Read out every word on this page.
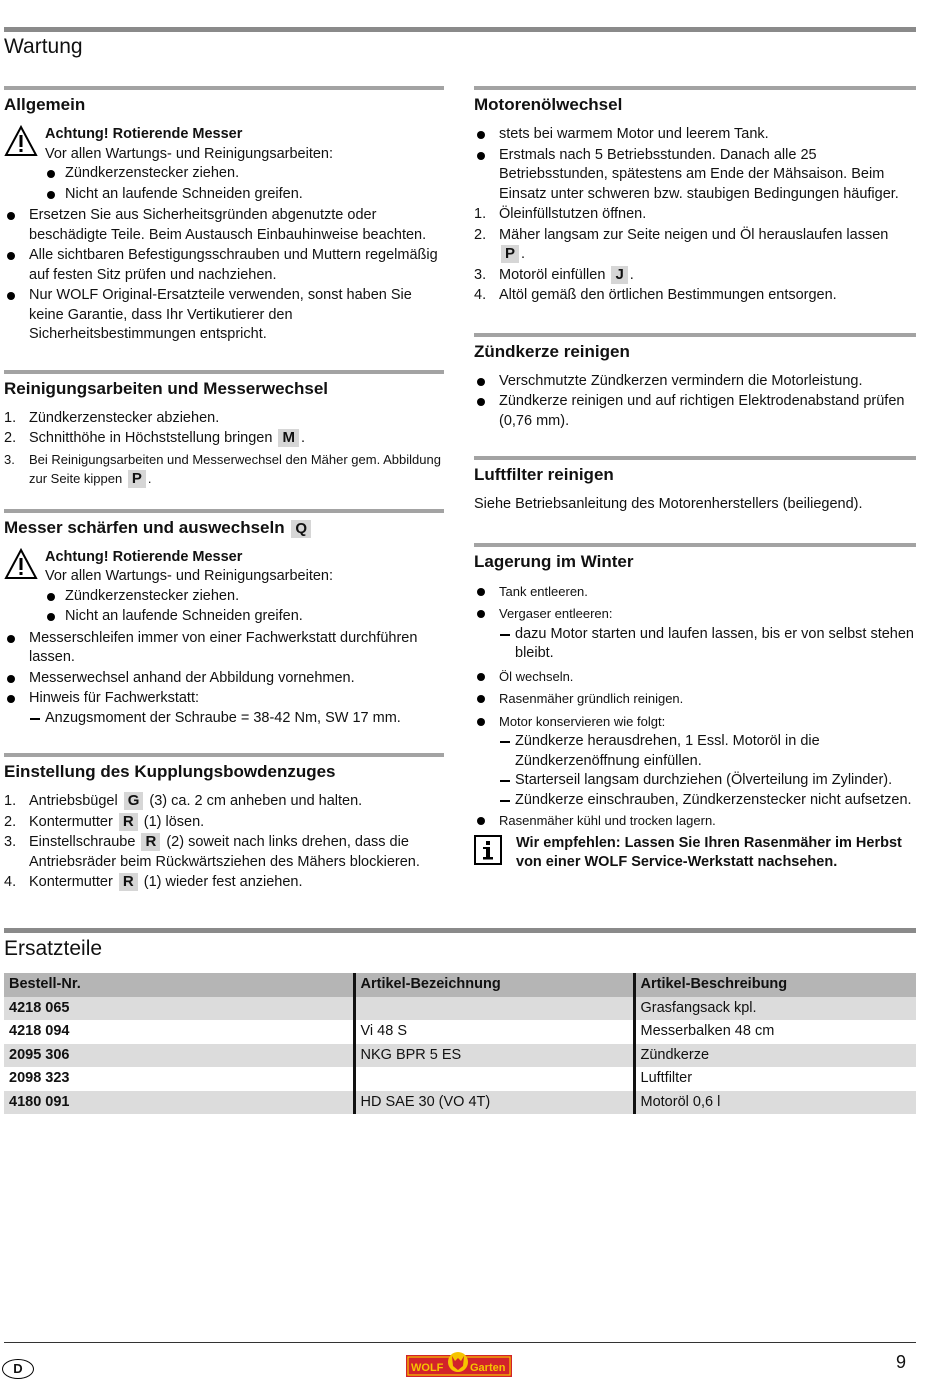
Wartung
Allgemein
Achtung! Rotierende Messer
Vor allen Wartungs- und Reinigungsarbeiten:
Zündkerzenstecker ziehen.
Nicht an laufende Schneiden greifen.
Ersetzen Sie aus Sicherheitsgründen abgenutzte oder beschädigte Teile. Beim Austausch Einbauhinweise beachten.
Alle sichtbaren Befestigungsschrauben und Muttern regelmäßig auf festen Sitz prüfen und nachziehen.
Nur WOLF Original-Ersatzteile verwenden, sonst haben Sie keine Garantie, dass Ihr Vertikutierer den Sicherheitsbestimmungen entspricht.
Reinigungsarbeiten und Messerwechsel
1. Zündkerzenstecker abziehen.
2. Schnitthöhe in Höchststellung bringen M .
3. Bei Reinigungsarbeiten und Messerwechsel den Mäher gem. Abbildung zur Seite kippen P .
Messer schärfen und auswechseln Q
Achtung! Rotierende Messer
Vor allen Wartungs- und Reinigungsarbeiten:
Zündkerzenstecker ziehen.
Nicht an laufende Schneiden greifen.
Messerschleifen immer von einer Fachwerkstatt durchführen lassen.
Messerwechsel anhand der Abbildung vornehmen.
Hinweis für Fachwerkstatt:
Anzugsmoment der Schraube = 38-42 Nm, SW 17 mm.
Einstellung des Kupplungsbowdenzuges
1. Antriebsbügel G (3) ca. 2 cm anheben und halten.
2. Kontermutter R (1) lösen.
3. Einstellschraube R (2) soweit nach links drehen, dass die Antriebsräder beim Rückwärtsziehen des Mähers blockieren.
4. Kontermutter R (1) wieder fest anziehen.
Motorenölwechsel
stets bei warmem Motor und leerem Tank.
Erstmals nach 5 Betriebsstunden. Danach alle 25 Betriebsstunden, spätestens am Ende der Mähsaison. Beim Einsatz unter schweren bzw. staubigen Bedingungen häufiger.
1. Öleinfüllstutzen öffnen.
2. Mäher langsam zur Seite neigen und Öl herauslaufen lassen
P .
3. Motoröl einfüllen J .
4. Altöl gemäß den örtlichen Bestimmungen entsorgen.
Zündkerze reinigen
Verschmutzte Zündkerzen vermindern die Motorleistung.
Zündkerze reinigen und auf richtigen Elektrodenabstand prüfen (0,76 mm).
Luftfilter reinigen
Siehe Betriebsanleitung des Motorenherstellers (beiliegend).
Lagerung im Winter
Tank entleeren.
Vergaser entleeren:
dazu Motor starten und laufen lassen, bis er von selbst stehen bleibt.
Öl wechseln.
Rasenmäher gründlich reinigen.
Motor konservieren wie folgt:
Zündkerze herausdrehen, 1 Essl. Motoröl in die Zündkerzenöffnung einfüllen.
Starterseil langsam durchziehen (Ölverteilung im Zylinder).
Zündkerze einschrauben, Zündkerzenstecker nicht aufsetzen.
Rasenmäher kühl und trocken lagern.
Wir empfehlen: Lassen Sie Ihren Rasenmäher im Herbst von einer WOLF Service-Werkstatt nachsehen.
Ersatzteile
Bestell-Nr.	Artikel-Bezeichnung	Artikel-Beschreibung
4218 065		Grasfangsack kpl.
4218 094	Vi 48 S	Messerbalken 48 cm
2095 306	NKG BPR 5 ES	Zündkerze
2098 323		Luftfilter
4180 091	HD SAE 30 (VO 4T)	Motoröl 0,6 l
D	WOLF Garten	9
